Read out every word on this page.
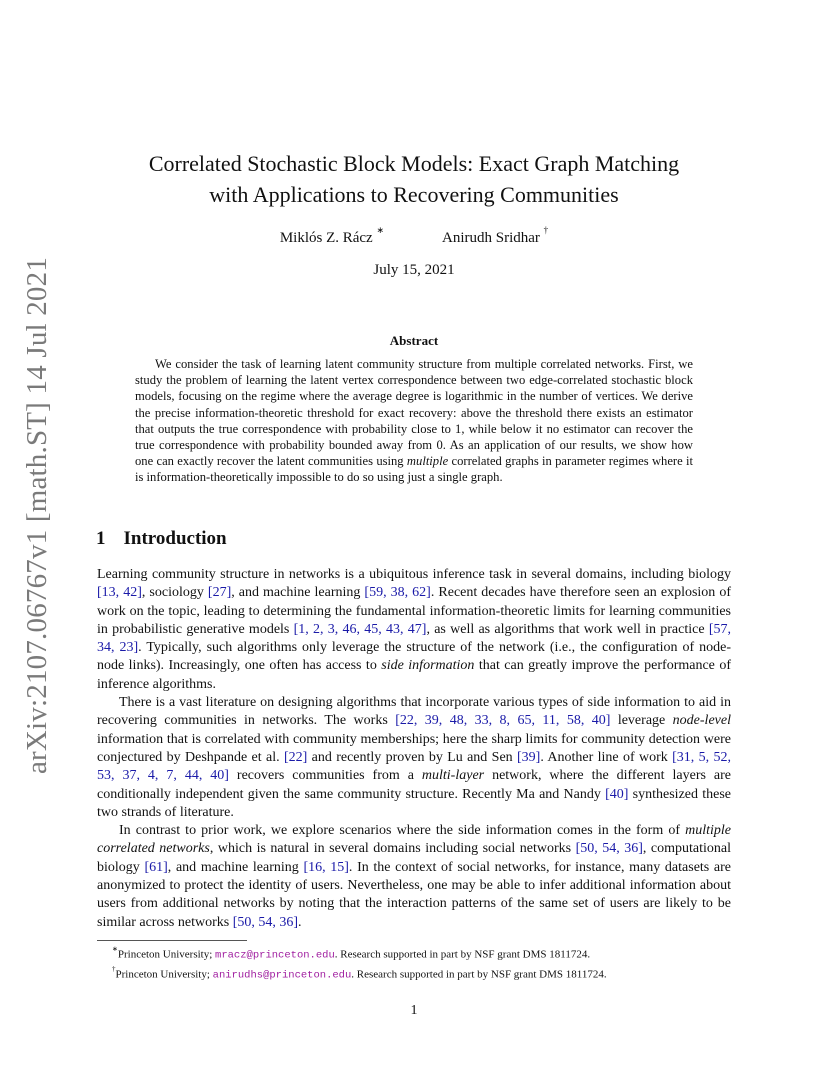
arXiv:2107.06767v1 [math.ST] 14 Jul 2021
Correlated Stochastic Block Models: Exact Graph Matching
with Applications to Recovering Communities
Miklós Z. Rácz ∗	Anirudh Sridhar †
July 15, 2021
Abstract

We consider the task of learning latent community structure from multiple correlated networks. First, we study the problem of learning the latent vertex correspondence between two edge-correlated stochastic block models, focusing on the regime where the average degree is logarithmic in the number of vertices. We derive the precise information-theoretic threshold for exact recovery: above the threshold there exists an estimator that outputs the true correspondence with probability close to 1, while below it no estimator can recover the true correspondence with probability bounded away from 0. As an application of our results, we show how one can exactly recover the latent communities using multiple correlated graphs in parameter regimes where it is information-theoretically impossible to do so using just a single graph.

1 Introduction

Learning community structure in networks is a ubiquitous inference task in several domains, including biology [13, 42], sociology [27], and machine learning [59, 38, 62]. Recent decades have therefore seen an explosion of work on the topic, leading to determining the fundamental information-theoretic limits for learning communities in probabilistic generative models [1, 2, 3, 46, 45, 43, 47], as well as algorithms that work well in practice [57, 34, 23]. Typically, such algorithms only leverage the structure of the network (i.e., the configuration of node-node links). Increasingly, one often has access to side information that can greatly improve the performance of inference algorithms.

There is a vast literature on designing algorithms that incorporate various types of side information to aid in recovering communities in networks. The works [22, 39, 48, 33, 8, 65, 11, 58, 40] leverage node-level information that is correlated with community memberships; here the sharp limits for community detection were conjectured by Deshpande et al. [22] and recently proven by Lu and Sen [39]. Another line of work [31, 5, 52, 53, 37, 4, 7, 44, 40] recovers communities from a multi-layer network, where the different layers are conditionally independent given the same community structure. Recently Ma and Nandy [40] synthesized these two strands of literature.

In contrast to prior work, we explore scenarios where the side information comes in the form of multiple correlated networks, which is natural in several domains including social networks [50, 54, 36], computational biology [61], and machine learning [16, 15]. In the context of social networks, for instance, many datasets are anonymized to protect the identity of users. Nevertheless, one may be able to infer additional information about users from additional networks by noting that the interaction patterns of the same set of users are likely to be similar across networks [50, 54, 36].

∗Princeton University; mracz@princeton.edu. Research supported in part by NSF grant DMS 1811724.
†Princeton University; anirudhs@princeton.edu. Research supported in part by NSF grant DMS 1811724.
1
